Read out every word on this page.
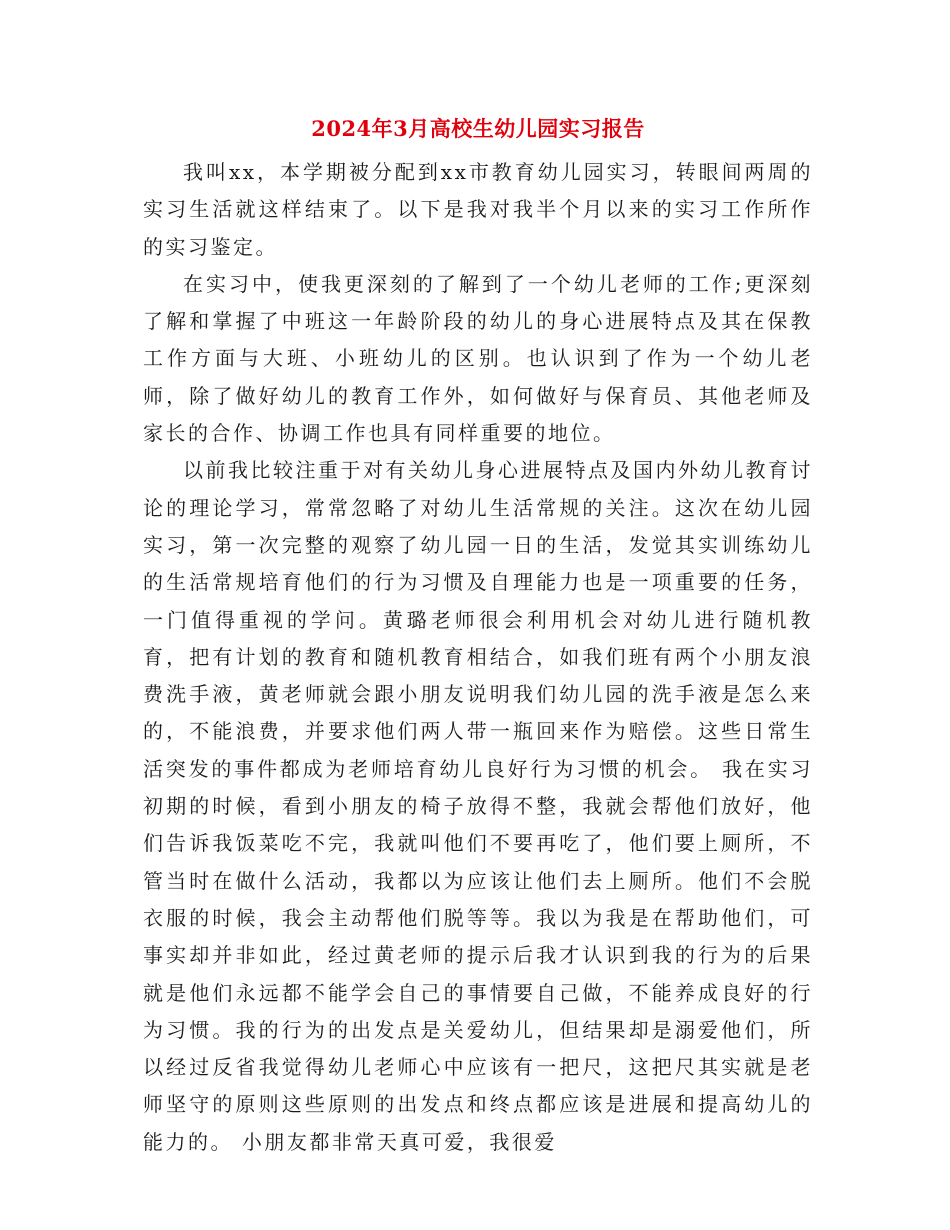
2024年3月高校生幼儿园实习报告

我叫xx，本学期被分配到xx市教育幼儿园实习，转眼间两周的实习生活就这样结束了。以下是我对我半个月以来的实习工作所作的实习鉴定。

在实习中，使我更深刻的了解到了一个幼儿老师的工作;更深刻了解和掌握了中班这一年龄阶段的幼儿的身心进展特点及其在保教工作方面与大班、小班幼儿的区别。也认识到了作为一个幼儿老师，除了做好幼儿的教育工作外，如何做好与保育员、其他老师及家长的合作、协调工作也具有同样重要的地位。

以前我比较注重于对有关幼儿身心进展特点及国内外幼儿教育讨论的理论学习，常常忽略了对幼儿生活常规的关注。这次在幼儿园实习，第一次完整的观察了幼儿园一日的生活，发觉其实训练幼儿的生活常规培育他们的行为习惯及自理能力也是一项重要的任务，一门值得重视的学问。黄璐老师很会利用机会对幼儿进行随机教育，把有计划的教育和随机教育相结合，如我们班有两个小朋友浪费洗手液，黄老师就会跟小朋友说明我们幼儿园的洗手液是怎么来的，不能浪费，并要求他们两人带一瓶回来作为赔偿。这些日常生活突发的事件都成为老师培育幼儿良好行为习惯的机会。 我在实习初期的时候，看到小朋友的椅子放得不整，我就会帮他们放好，他们告诉我饭菜吃不完，我就叫他们不要再吃了，他们要上厕所，不管当时在做什么活动，我都以为应该让他们去上厕所。他们不会脱衣服的时候，我会主动帮他们脱等等。我以为我是在帮助他们，可事实却并非如此，经过黄老师的提示后我才认识到我的行为的后果就是他们永远都不能学会自己的事情要自己做，不能养成良好的行为习惯。我的行为的出发点是关爱幼儿，但结果却是溺爱他们，所以经过反省我觉得幼儿老师心中应该有一把尺，这把尺其实就是老师坚守的原则这些原则的出发点和终点都应该是进展和提高幼儿的能力的。 小朋友都非常天真可爱，我很爱
